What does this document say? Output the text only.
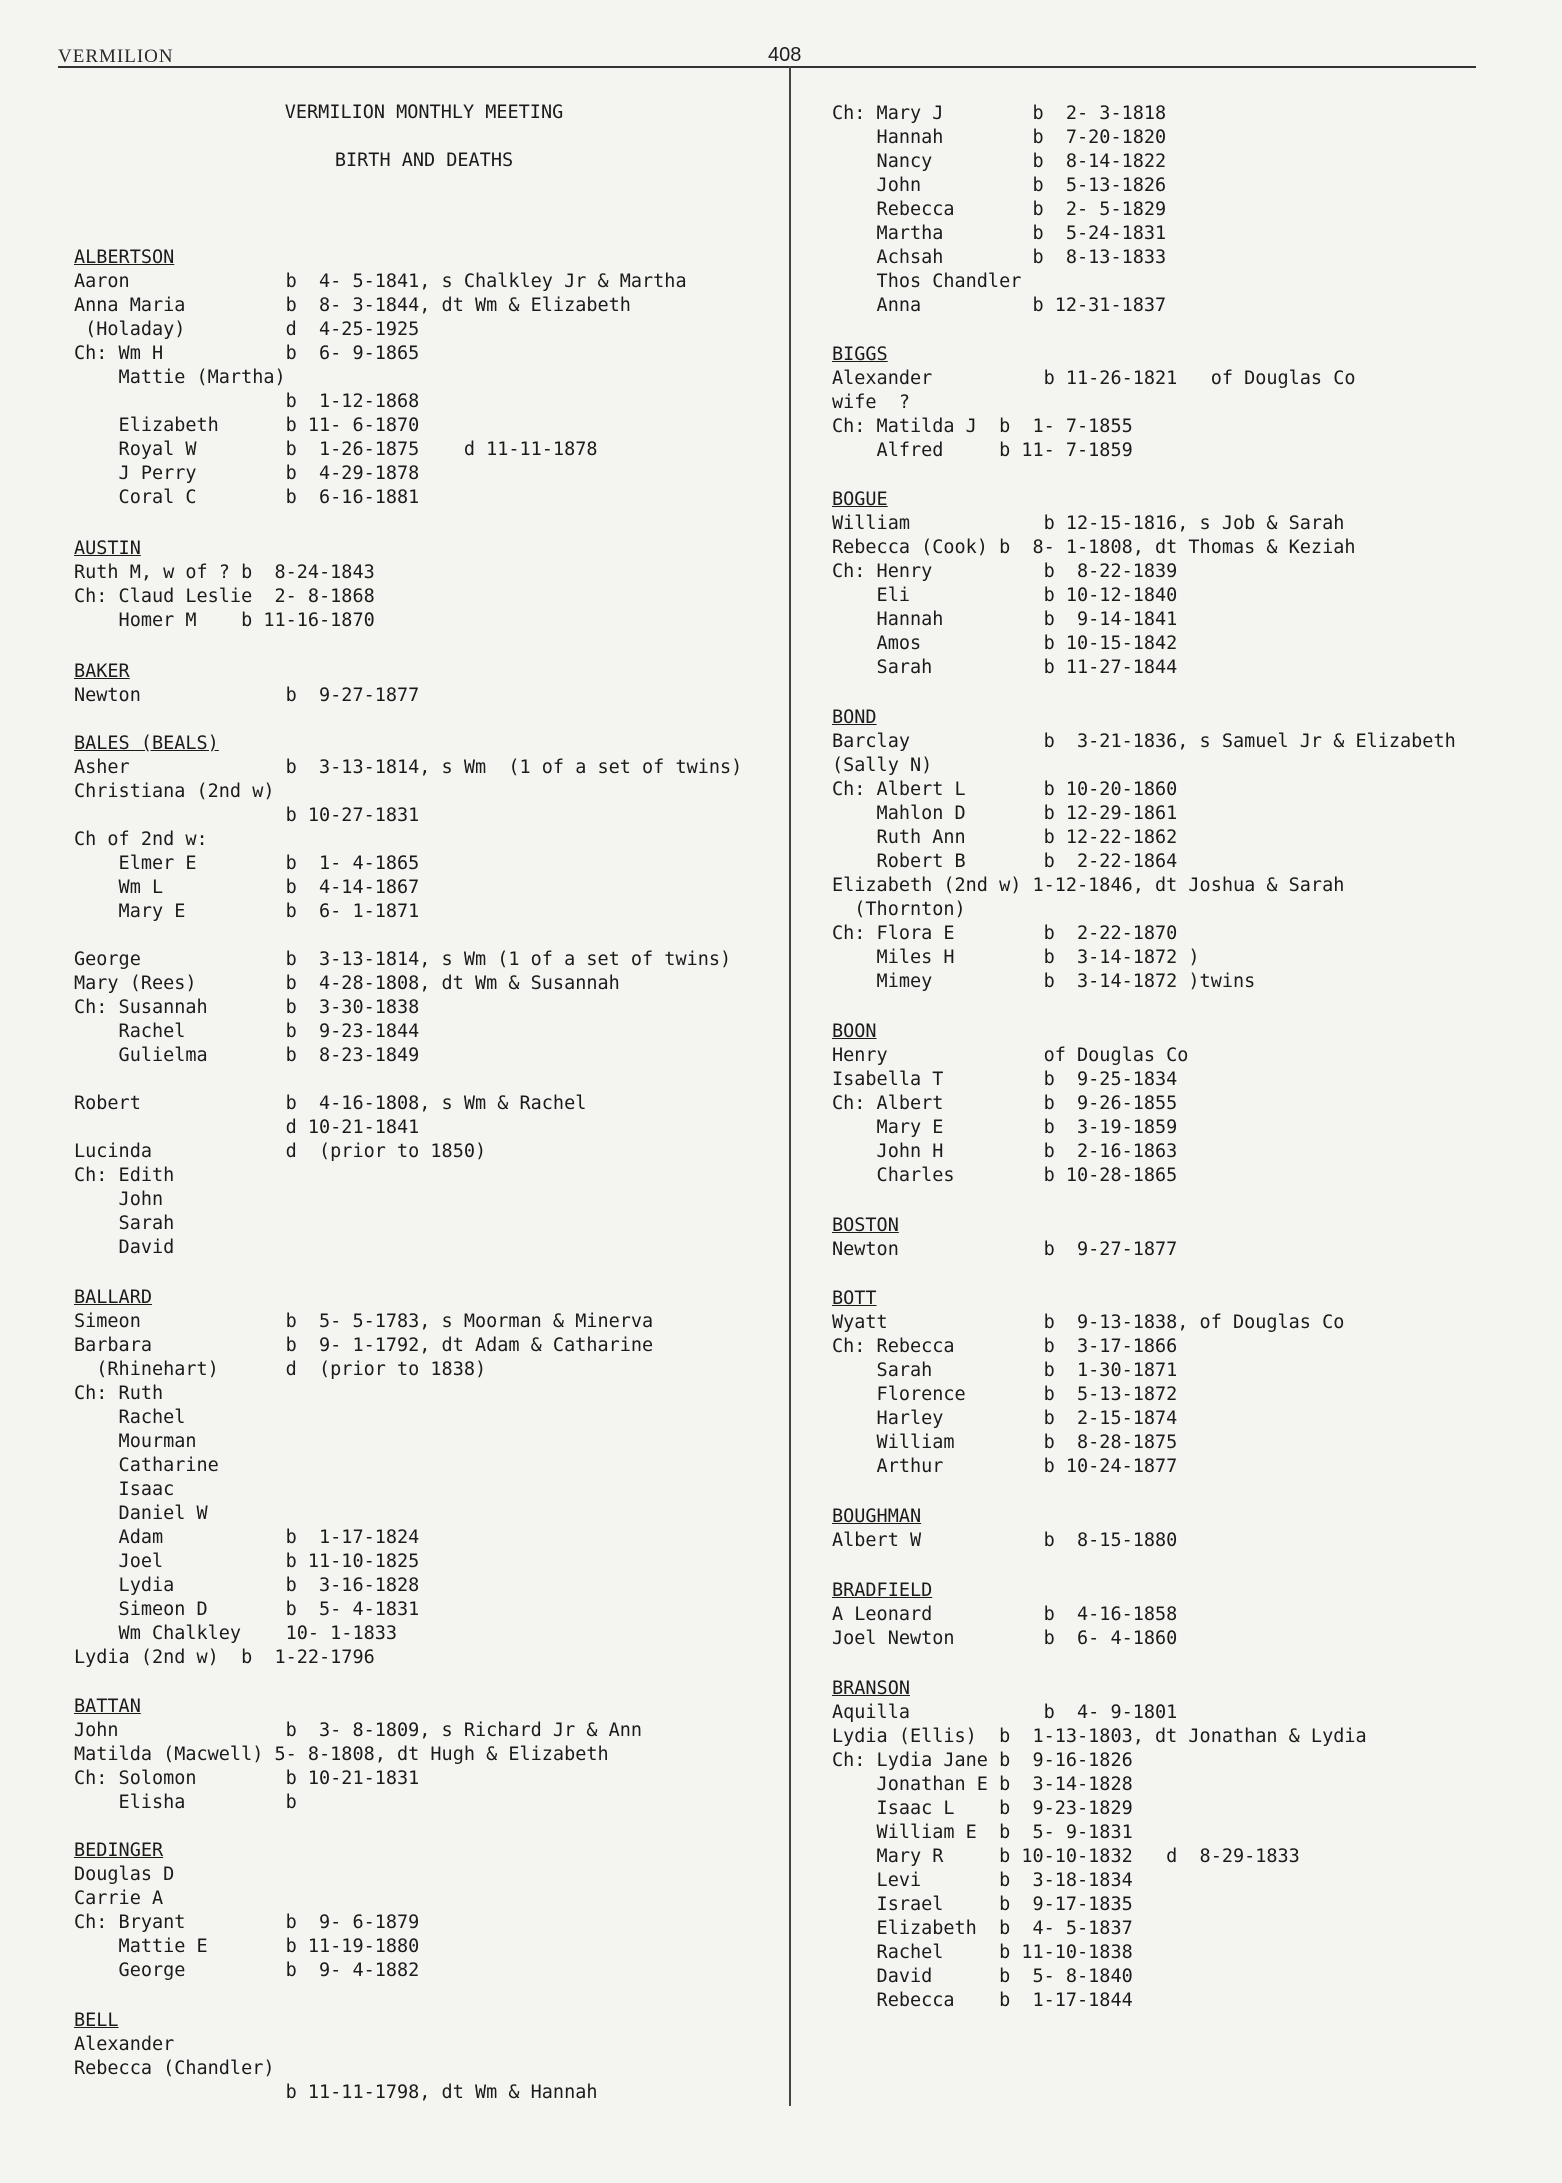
VERMILION	408
VERMILION MONTHLY MEETING
BIRTH AND DEATHS
ALBERTSON
Aaron              b  4- 5-1841, s Chalkley Jr & Martha
Anna Maria         b  8- 3-1844, dt Wm & Elizabeth
(Holaday)         d  4-25-1925
Ch: Wm H           b  6- 9-1865
Mattie (Martha)
b  1-12-1868
Elizabeth      b 11- 6-1870
Royal W        b  1-26-1875    d 11-11-1878
J Perry        b  4-29-1878
Coral C        b  6-16-1881
AUSTIN
Ruth M, w of ? b  8-24-1843
Ch: Claud Leslie  2- 8-1868
Homer M    b 11-16-1870
BAKER
Newton             b  9-27-1877
BALES (BEALS)
Asher              b  3-13-1814, s Wm  (1 of a set of twins)
Christiana (2nd w)
b 10-27-1831
Ch of 2nd w:
Elmer E        b  1- 4-1865
Wm L           b  4-14-1867
Mary E         b  6- 1-1871
George             b  3-13-1814, s Wm (1 of a set of twins)
Mary (Rees)        b  4-28-1808, dt Wm & Susannah
Ch: Susannah       b  3-30-1838
Rachel         b  9-23-1844
Gulielma       b  8-23-1849
Robert             b  4-16-1808, s Wm & Rachel
d 10-21-1841
Lucinda            d  (prior to 1850)
Ch: Edith
John
Sarah
David
BALLARD
Simeon             b  5- 5-1783, s Moorman & Minerva
Barbara            b  9- 1-1792, dt Adam & Catharine
(Rhinehart)      d  (prior to 1838)
Ch: Ruth
Rachel
Mourman
Catharine
Isaac
Daniel W
Adam           b  1-17-1824
Joel           b 11-10-1825
Lydia          b  3-16-1828
Simeon D       b  5- 4-1831
Wm Chalkley    10- 1-1833
Lydia (2nd w)  b  1-22-1796
BATTAN
John               b  3- 8-1809, s Richard Jr & Ann
Matilda (Macwell) 5- 8-1808, dt Hugh & Elizabeth
Ch: Solomon        b 10-21-1831
Elisha         b
BEDINGER
Douglas D
Carrie A
Ch: Bryant         b  9- 6-1879
Mattie E       b 11-19-1880
George         b  9- 4-1882
BELL
Alexander
Rebecca (Chandler)
b 11-11-1798, dt Wm & Hannah
Ch: Mary J        b  2- 3-1818
Hannah        b  7-20-1820
Nancy         b  8-14-1822
John          b  5-13-1826
Rebecca       b  2- 5-1829
Martha        b  5-24-1831
Achsah        b  8-13-1833
Thos Chandler
Anna          b 12-31-1837
BIGGS
Alexander          b 11-26-1821   of Douglas Co
wife  ?
Ch: Matilda J  b  1- 7-1855
Alfred     b 11- 7-1859
BOGUE
William            b 12-15-1816, s Job & Sarah
Rebecca (Cook) b  8- 1-1808, dt Thomas & Keziah
Ch: Henry          b  8-22-1839
Eli            b 10-12-1840
Hannah         b  9-14-1841
Amos           b 10-15-1842
Sarah          b 11-27-1844
BOND
Barclay            b  3-21-1836, s Samuel Jr & Elizabeth
(Sally N)
Ch: Albert L       b 10-20-1860
Mahlon D       b 12-29-1861
Ruth Ann       b 12-22-1862
Robert B       b  2-22-1864
Elizabeth (2nd w) 1-12-1846, dt Joshua & Sarah
(Thornton)
Ch: Flora E        b  2-22-1870
Miles H        b  3-14-1872 )
Mimey          b  3-14-1872 )twins
BOON
Henry              of Douglas Co
Isabella T         b  9-25-1834
Ch: Albert         b  9-26-1855
Mary E         b  3-19-1859
John H         b  2-16-1863
Charles        b 10-28-1865
BOSTON
Newton             b  9-27-1877
BOTT
Wyatt              b  9-13-1838, of Douglas Co
Ch: Rebecca        b  3-17-1866
Sarah          b  1-30-1871
Florence       b  5-13-1872
Harley         b  2-15-1874
William        b  8-28-1875
Arthur         b 10-24-1877
BOUGHMAN
Albert W           b  8-15-1880
BRADFIELD
A Leonard          b  4-16-1858
Joel Newton        b  6- 4-1860
BRANSON
Aquilla            b  4- 9-1801
Lydia (Ellis)  b  1-13-1803, dt Jonathan & Lydia
Ch: Lydia Jane b  9-16-1826
Jonathan E b  3-14-1828
Isaac L    b  9-23-1829
William E  b  5- 9-1831
Mary R     b 10-10-1832   d  8-29-1833
Levi       b  3-18-1834
Israel     b  9-17-1835
Elizabeth  b  4- 5-1837
Rachel     b 11-10-1838
David      b  5- 8-1840
Rebecca    b  1-17-1844
